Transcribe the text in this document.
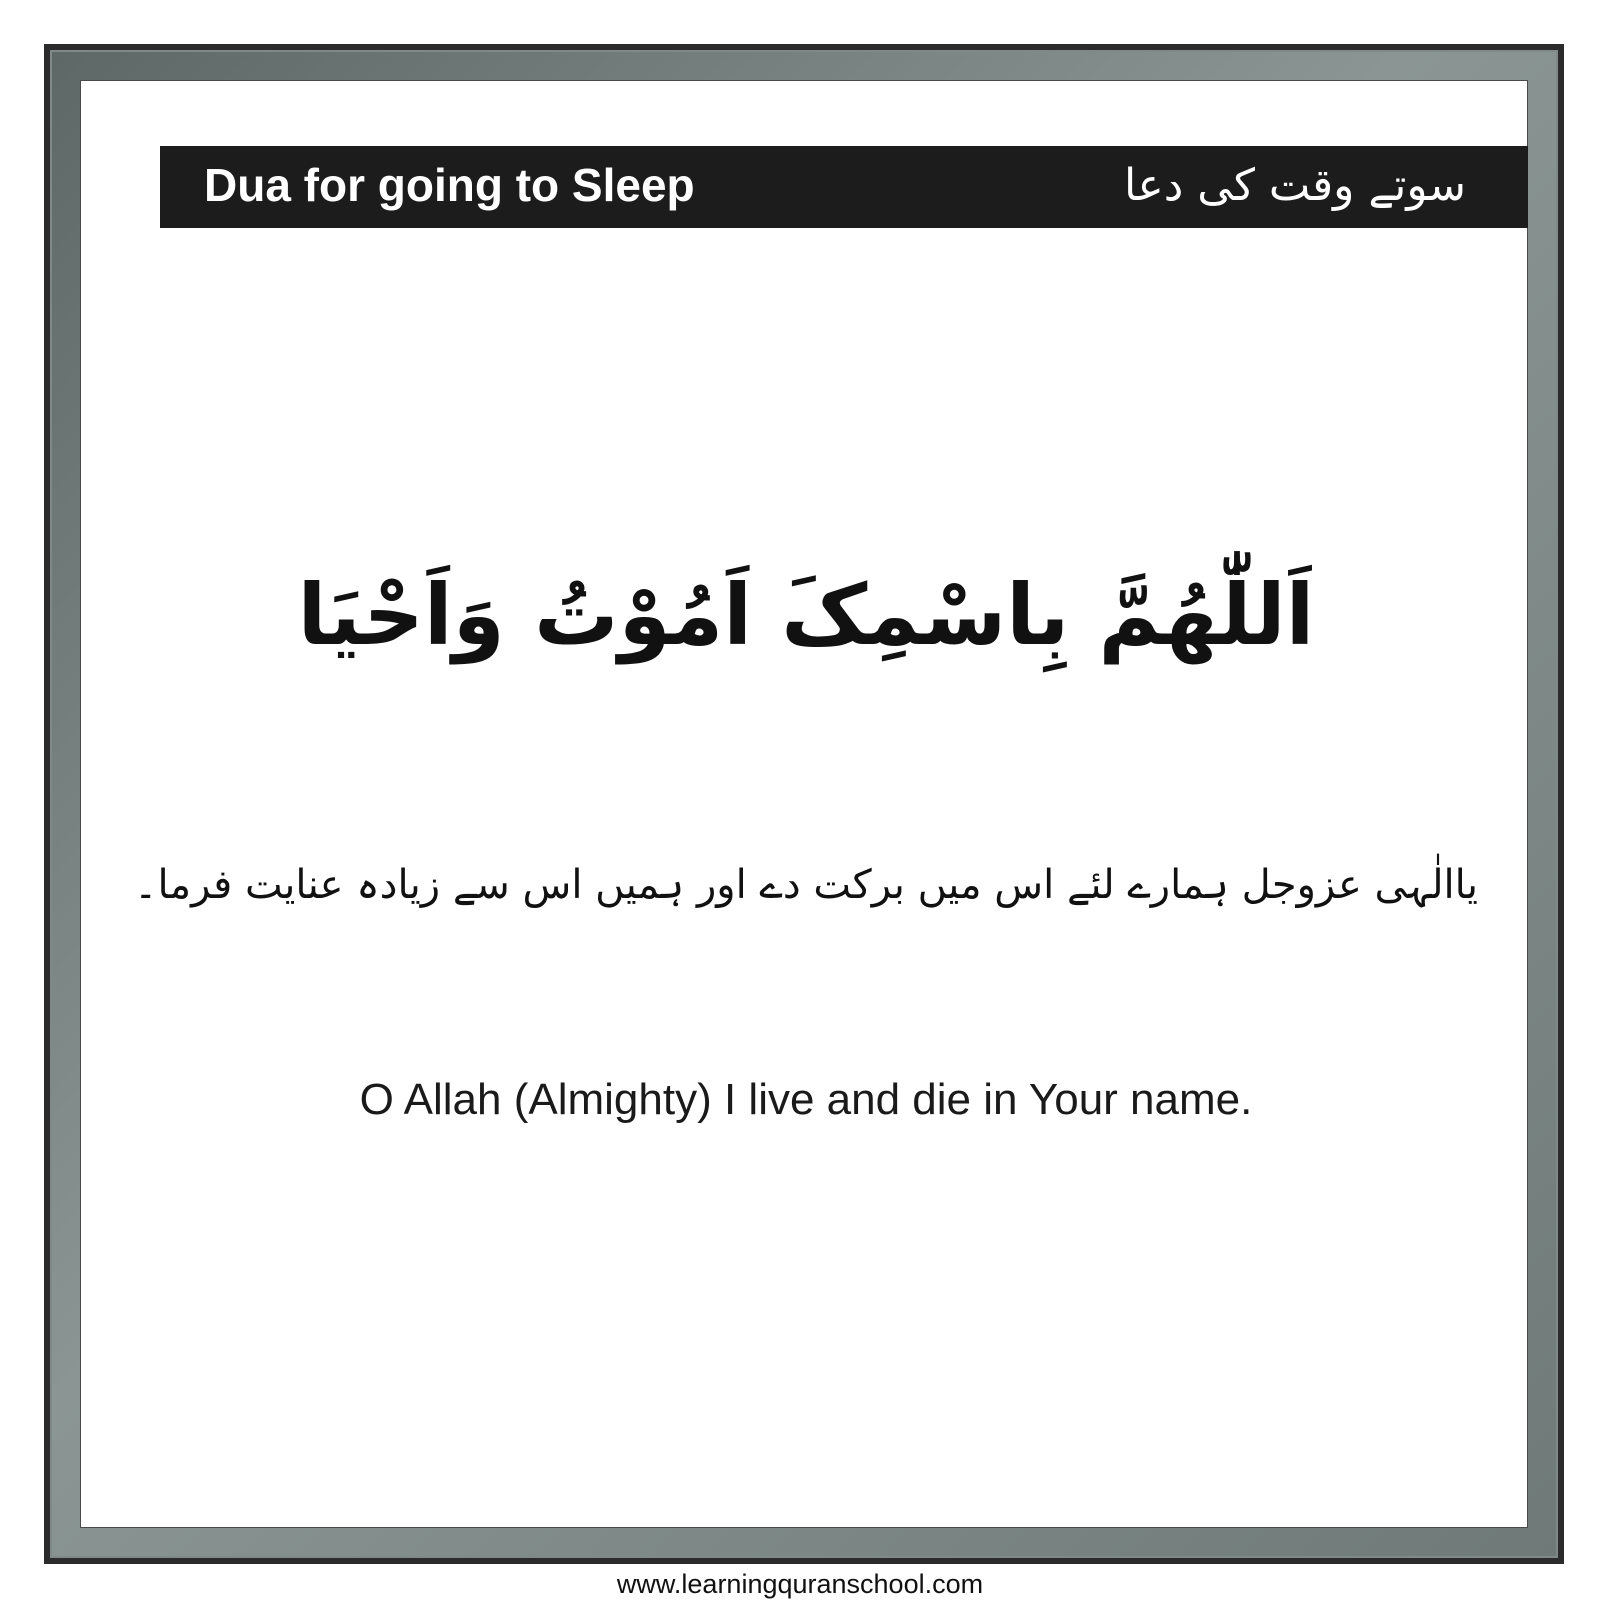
Dua for going to Sleep	سوتے وقت کی دعا
اَللّٰھُمَّ بِاسْمِکَ اَمُوْتُ وَاَحْیَا
یاالٰہی عزوجل ہمارے لئے اس میں برکت دے اور ہمیں اس سے زیادہ عنایت فرما۔
O Allah (Almighty) I live and die in Your name.
www.learningquranschool.com
